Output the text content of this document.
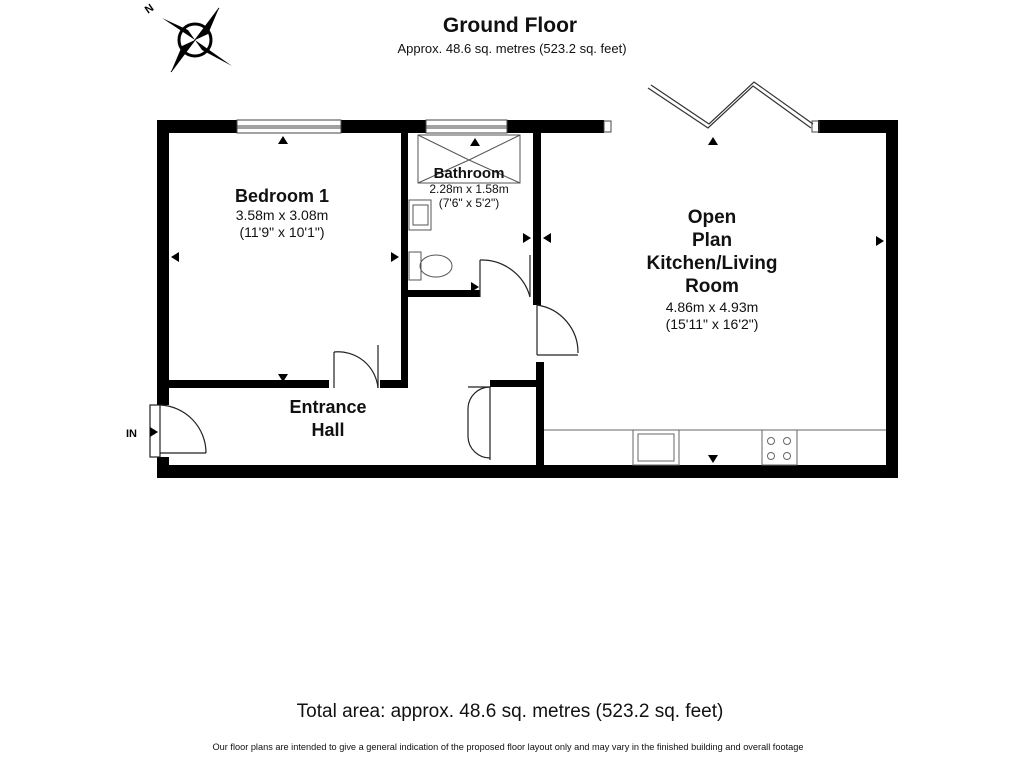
Ground Floor
Approx. 48.6 sq. metres (523.2 sq. feet)
N
Bedroom 1
3.58m x 3.08m
(11'9" x 10'1")
Bathroom
2.28m x 1.58m
(7'6" x 5'2")
Open
Plan
Kitchen/Living
Room
4.86m x 4.93m
(15'11" x 16'2")
Entrance
Hall
IN
Total area: approx. 48.6 sq. metres (523.2 sq. feet)
Our floor plans are intended to give a general indication of the proposed floor layout only and may vary in the finished building and overall footage
